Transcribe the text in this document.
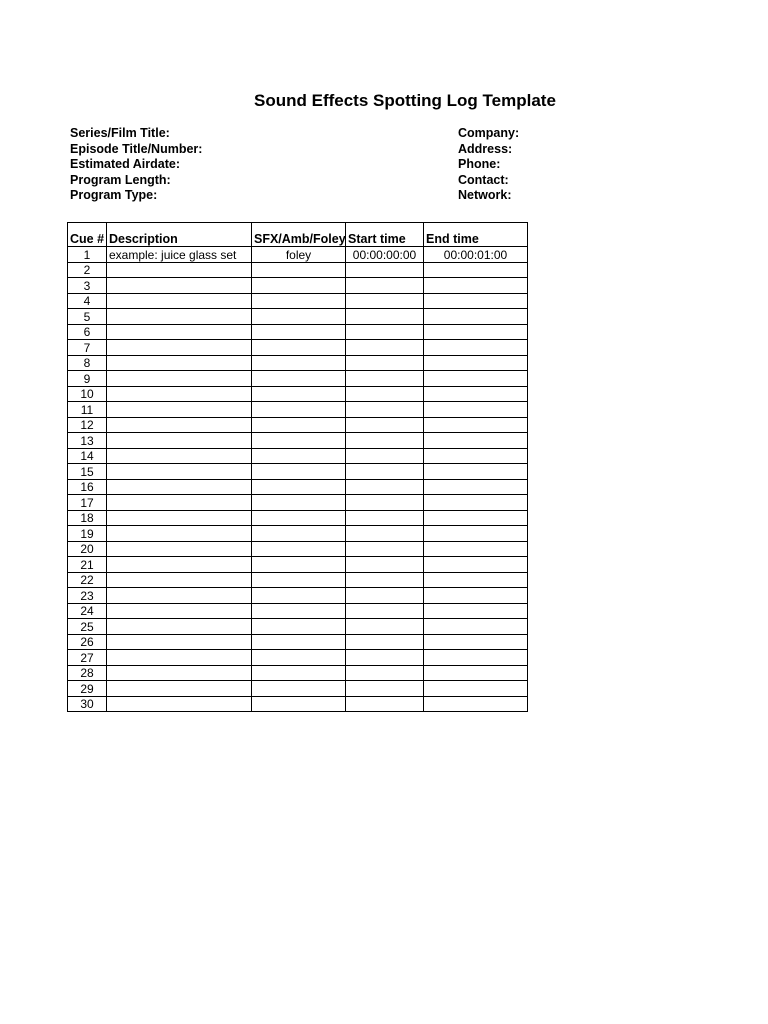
Sound Effects Spotting Log Template
Series/Film Title:
Episode Title/Number:
Estimated Airdate:
Program Length:
Program Type:
Company:
Address:
Phone:
Contact:
Network:
Cue #	Description	SFX/Amb/Foley	Start time	End time
1	example: juice glass set	foley	00:00:00:00	00:00:01:00
2				
3				
4				
5				
6				
7				
8				
9				
10				
11				
12				
13				
14				
15				
16				
17				
18				
19				
20				
21				
22				
23				
24				
25				
26				
27				
28				
29				
30				
